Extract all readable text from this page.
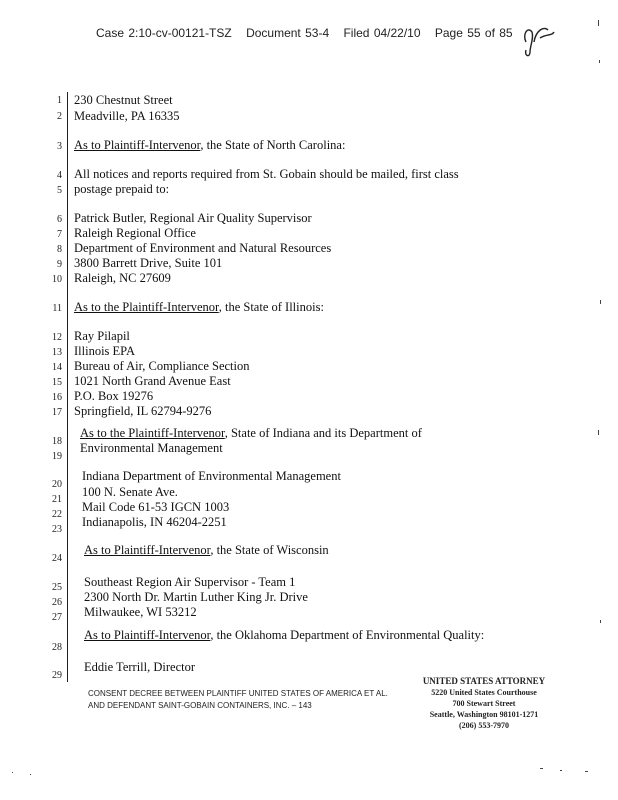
Case 2:10-cv-00121-TSZ Document 53-4 Filed 04/22/10 Page 55 of 85
1 230 Chestnut Street
2 Meadville, PA 16335
3 As to Plaintiff-Intervenor, the State of North Carolina:
4 All notices and reports required from St. Gobain should be mailed, first class
5 postage prepaid to:
6 Patrick Butler, Regional Air Quality Supervisor
7 Raleigh Regional Office
8 Department of Environment and Natural Resources
9 3800 Barrett Drive, Suite 101
10 Raleigh, NC 27609
11 As to the Plaintiff-Intervenor, the State of Illinois:
12 Ray Pilapil
13 Illinois EPA
14 Bureau of Air, Compliance Section
15 1021 North Grand Avenue East
16 P.O. Box 19276
17 Springfield, IL 62794-9276
18
As to the Plaintiff-Intervenor, State of Indiana and its Department of
19
Environmental Management
20
Indiana Department of Environmental Management
21
100 N. Senate Ave.
22
Mail Code 61-53 IGCN 1003
23
Indianapolis, IN 46204-2251
24
As to Plaintiff-Intervenor, the State of Wisconsin
25 Southeast Region Air Supervisor - Team 1
26 2300 North Dr. Martin Luther King Jr. Drive
27 Milwaukee, WI 53212
28
As to Plaintiff-Intervenor, the Oklahoma Department of Environmental Quality:
29
Eddie Terrill, Director
CONSENT DECREE BETWEEN PLAINTIFF UNITED STATES OF AMERICA ET AL.
AND DEFENDANT SAINT-GOBAIN CONTAINERS, INC. – 143
UNITED STATES ATTORNEY
5220 United States Courthouse
700 Stewart Street
Seattle, Washington 98101-1271
(206) 553-7970
